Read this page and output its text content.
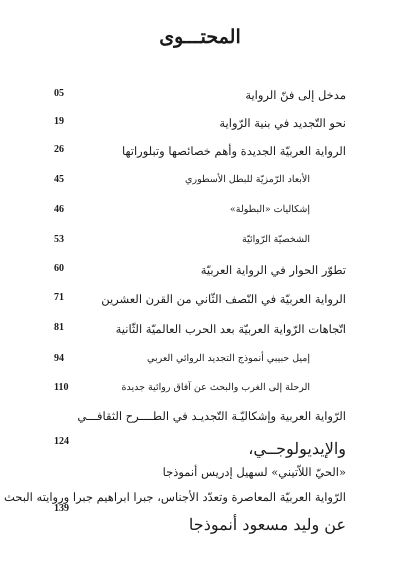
المحتـــوى
مدخل إلى فنّ الرواية
05
نحو التّجديد في بنية الرّواية
19
الرواية العربيّة الجديدة وأهم خصائصها وتبلوراتها
26
الأبعاد الرّمزيّة للبطل الأسطوري
45
إشكاليات «البطولة»
46
الشخصيّة الرّوائيّة
53
تطوّر الحوار في الرواية العربيّة
60
الرواية العربيّة في النّصف الثّاني من القرن العشرين
71
اتّجاهات الرّواية العربيّة بعد الحرب العالميّة الثّانية
81
إميل حبيبي أنموذج التجديد الروائي العربي
94
الرحلة إلى الغرب والبحث عن آفاق روائية جديدة
110
الرّواية العربية وإشكاليّـة التّجديـد في الطــــرح الثقافـــي
والإيديولوجــي،
124
«الحيّ اللاّتيني» لسهيل إدريس أنموذجا
الرّواية العربيّة المعاصرة وتعدّد الأجناس، جبرا ابراهيم جبرا وروايته البحث
عن وليد مسعود أنموذجا
139
